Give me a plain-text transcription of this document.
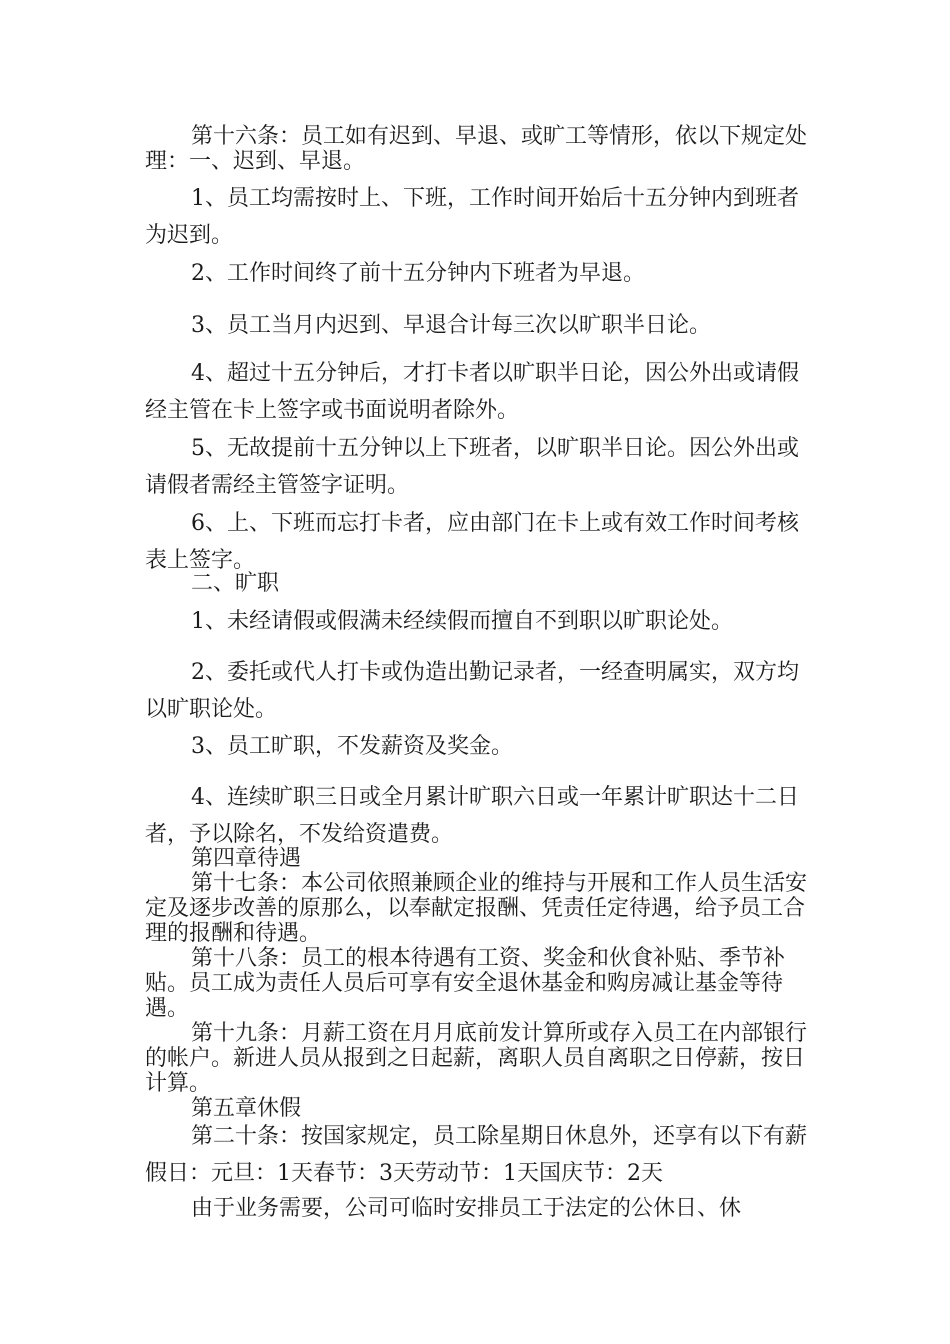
第十六条：员工如有迟到、早退、或旷工等情形，依以下规定处理：一、迟到、早退。

1、员工均需按时上、下班，工作时间开始后十五分钟内到班者为迟到。

2、工作时间终了前十五分钟内下班者为早退。

3、员工当月内迟到、早退合计每三次以旷职半日论。

4、超过十五分钟后，才打卡者以旷职半日论，因公外出或请假经主管在卡上签字或书面说明者除外。

5、无故提前十五分钟以上下班者，以旷职半日论。因公外出或请假者需经主管签字证明。

6、上、下班而忘打卡者，应由部门在卡上或有效工作时间考核表上签字。

二、旷职

1、未经请假或假满未经续假而擅自不到职以旷职论处。

2、委托或代人打卡或伪造出勤记录者，一经查明属实，双方均以旷职论处。

3、员工旷职，不发薪资及奖金。

4、连续旷职三日或全月累计旷职六日或一年累计旷职达十二日者，予以除名，不发给资遣费。

第四章待遇

第十七条：本公司依照兼顾企业的维持与开展和工作人员生活安定及逐步改善的原那么，以奉献定报酬、凭责任定待遇，给予员工合理的报酬和待遇。

第十八条：员工的根本待遇有工资、奖金和伙食补贴、季节补贴。员工成为责任人员后可享有安全退休基金和购房减让基金等待遇。

第十九条：月薪工资在月月底前发计算所或存入员工在内部银行的帐户。新进人员从报到之日起薪，离职人员自离职之日停薪，按日计算。

第五章休假

第二十条：按国家规定，员工除星期日休息外，还享有以下有薪假日：元旦：1天春节：3天劳动节：1天国庆节：2天

由于业务需要，公司可临时安排员工于法定的公休日、休
